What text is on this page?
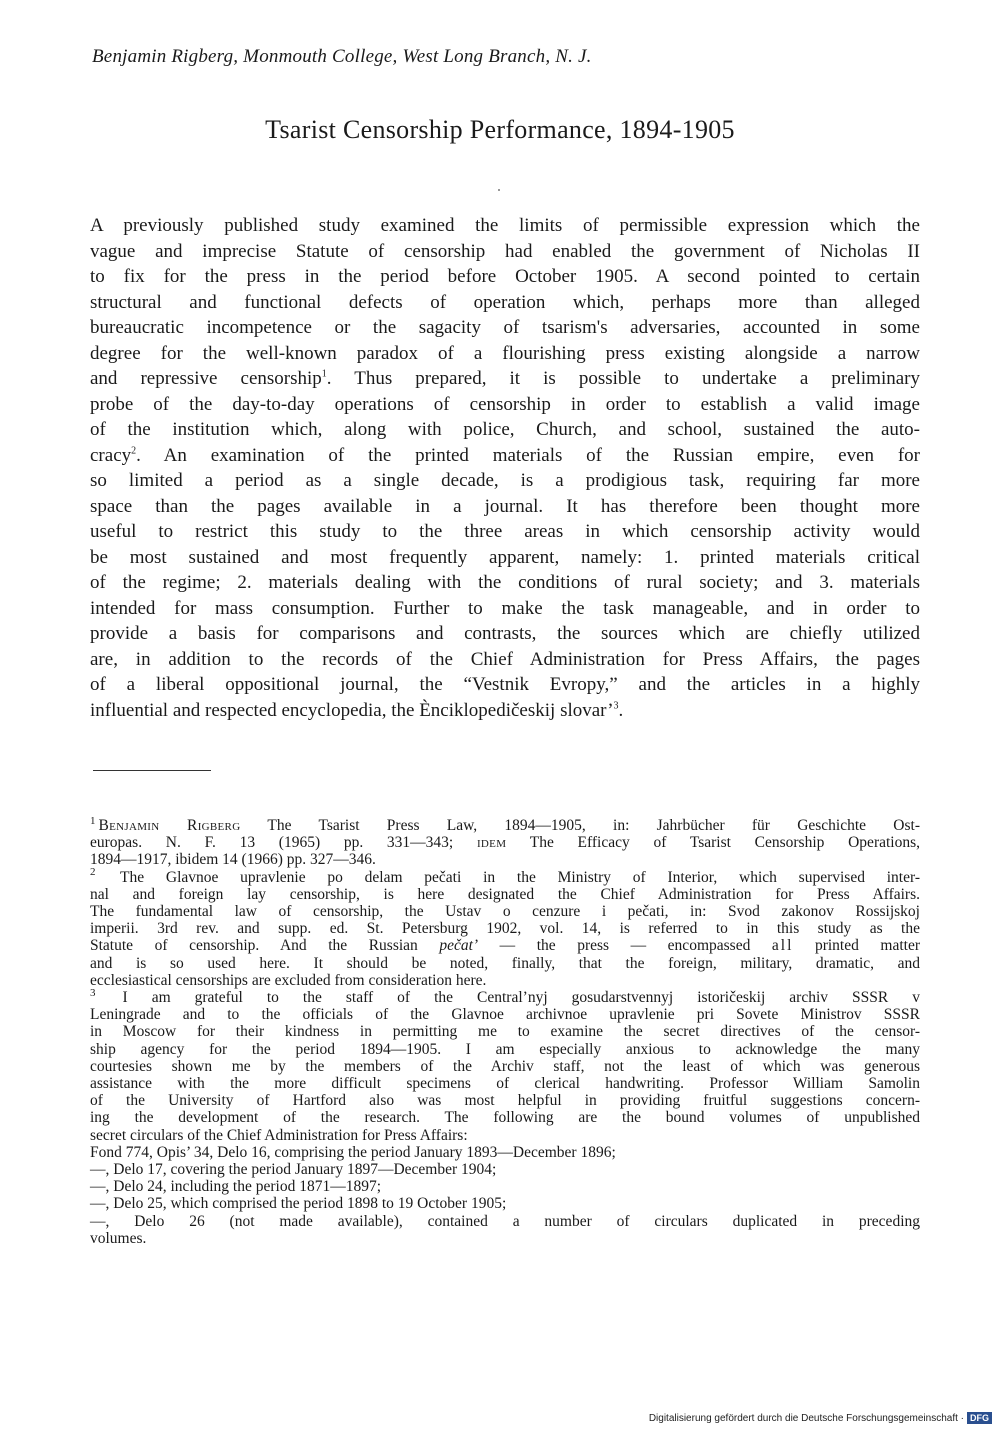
Benjamin Rigberg, Monmouth College, West Long Branch, N. J.
Tsarist Censorship Performance, 1894-1905
A previously published study examined the limits of permissible expression which the
vague and imprecise Statute of censorship had enabled the government of Nicholas II
to fix for the press in the period before October 1905. A second pointed to certain
structural and functional defects of operation which, perhaps more than alleged
bureaucratic incompetence or the sagacity of tsarism's adversaries, accounted in some
degree for the well-known paradox of a flourishing press existing alongside a narrow
and repressive censorship$^1$. Thus prepared, it is possible to undertake a preliminary
probe of the day-to-day operations of censorship in order to establish a valid image
of the institution which, along with police, Church, and school, sustained the auto-
cracy$^2$. An examination of the printed materials of the Russian empire, even for
so limited a period as a single decade, is a prodigious task, requiring far more
space than the pages available in a journal. It has therefore been thought more
useful to restrict this study to the three areas in which censorship activity would
be most sustained and most frequently apparent, namely: 1. printed materials critical
of the regime; 2. materials dealing with the conditions of rural society; and 3. materials
intended for mass consumption. Further to make the task manageable, and in order to
provide a basis for comparisons and contrasts, the sources which are chiefly utilized
are, in addition to the records of the Chief Administration for Press Affairs, the pages
of a liberal oppositional journal, the “Vestnik Evropy,” and the articles in a highly
influential and respected encyclopedia, the Ènciklopedičeskij slovar’$^3$.
$^1$ Benjamin Rigberg The Tsarist Press Law, 1894—1905, in: Jahrbücher für Geschichte Ost-
europas. N. F. 13 (1965) pp. 331—343; idem The Efficacy of Tsarist Censorship Operations,
1894—1917, ibidem 14 (1966) pp. 327—346.
$^2$ The Glavnoe upravlenie po delam pečati in the Ministry of Interior, which supervised inter-
nal and foreign lay censorship, is here designated the Chief Administration for Press Affairs.
The fundamental law of censorship, the Ustav o cenzure i pečati, in: Svod zakonov Rossijskoj
imperii. 3rd rev. and supp. ed. St. Petersburg 1902, vol. 14, is referred to in this study as the
Statute of censorship. And the Russian pečat’ — the press — encompassed all printed matter
and is so used here. It should be noted, finally, that the foreign, military, dramatic, and
ecclesiastical censorships are excluded from consideration here.
$^3$ I am grateful to the staff of the Central’nyj gosudarstvennyj istoričeskij archiv SSSR v
Leningrade and to the officials of the Glavnoe archivnoe upravlenie pri Sovete Ministrov SSSR
in Moscow for their kindness in permitting me to examine the secret directives of the censor-
ship agency for the period 1894—1905. I am especially anxious to acknowledge the many
courtesies shown me by the members of the Archiv staff, not the least of which was generous
assistance with the more difficult specimens of clerical handwriting. Professor William Samolin
of the University of Hartford also was most helpful in providing fruitful suggestions concern-
ing the development of the research. The following are the bound volumes of unpublished
secret circulars of the Chief Administration for Press Affairs:
Fond 774, Opis’ 34, Delo 16, comprising the period January 1893—December 1896;
—, Delo 17, covering the period January 1897—December 1904;
—, Delo 24, including the period 1871—1897;
—, Delo 25, which comprised the period 1898 to 19 October 1905;
—, Delo 26 (not made available), contained a number of circulars duplicated in preceding
volumes.
Digitalisierung gefördert durch die Deutsche Forschungsgemeinschaft · DFG
